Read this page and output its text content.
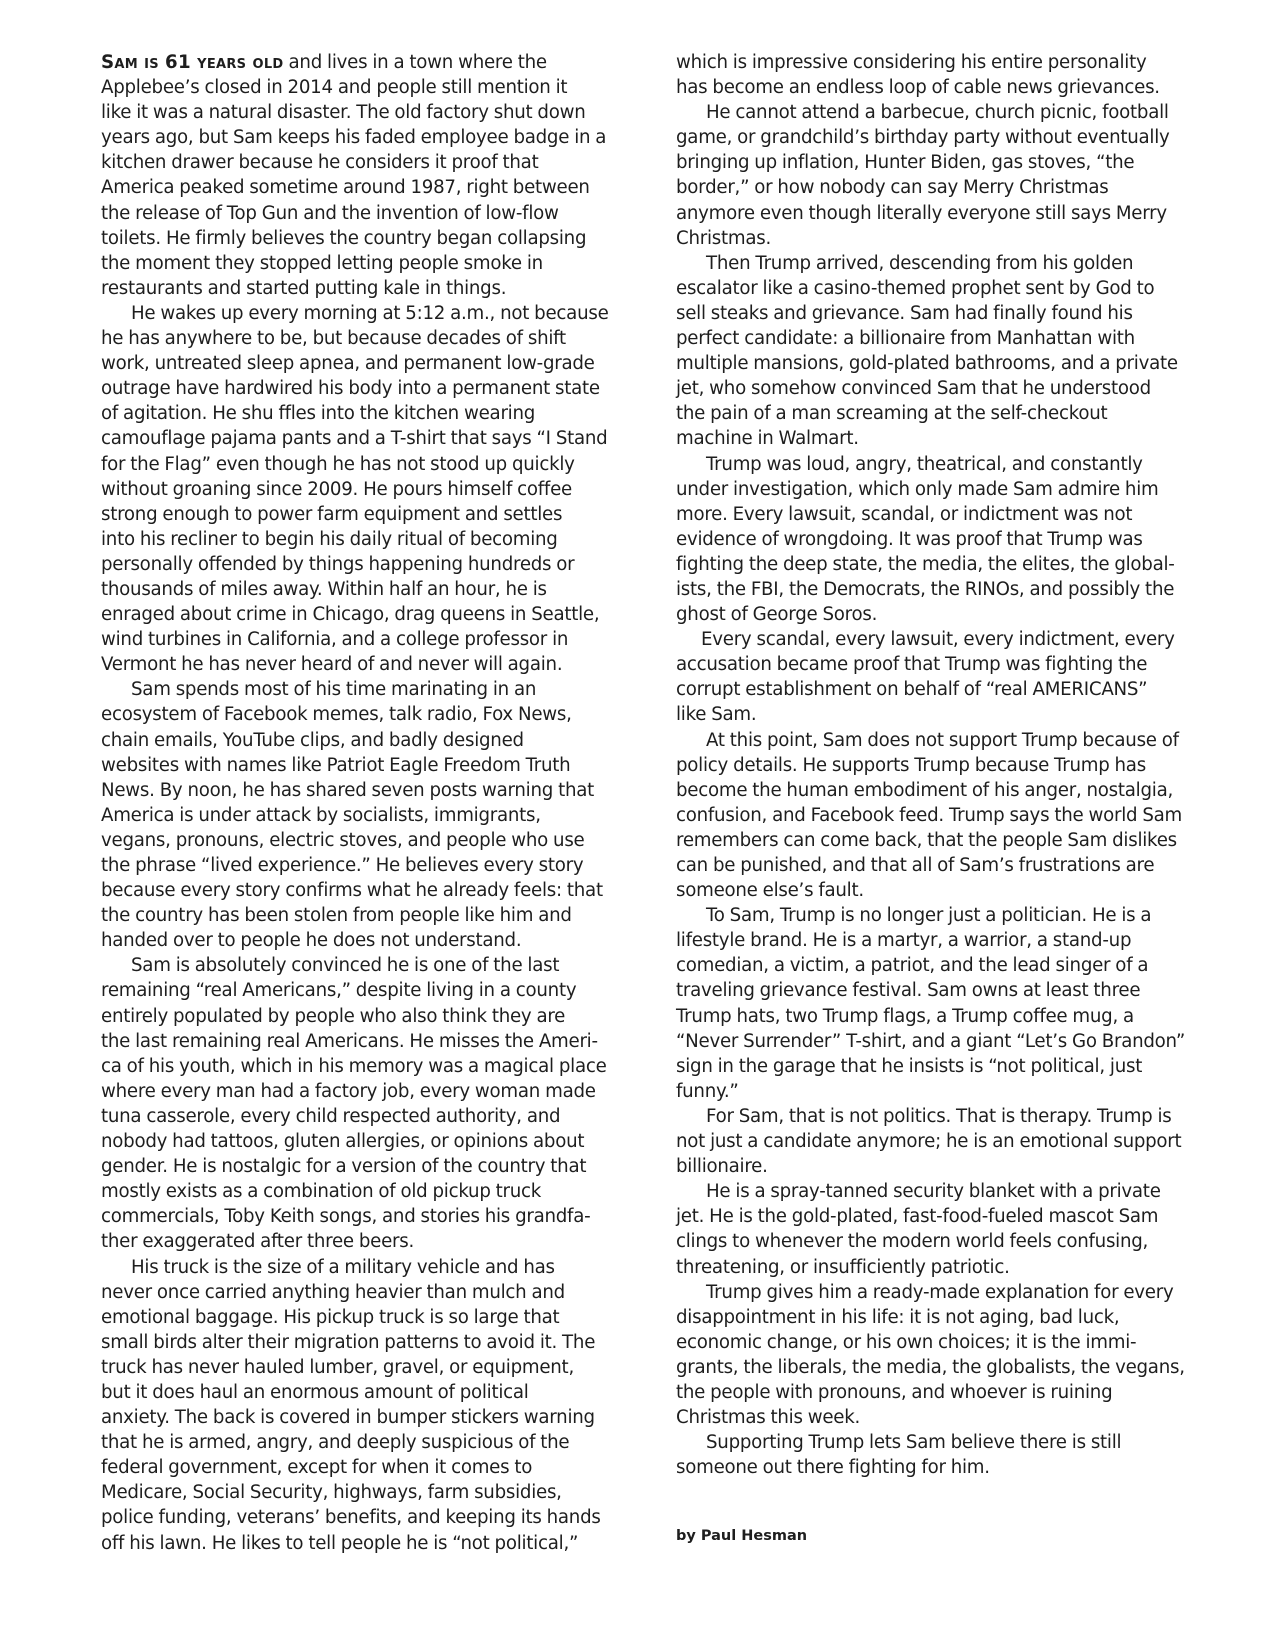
Sam is 61 years old and lives in a town where the
Applebee’s closed in 2014 and people still mention it
like it was a natural disaster. The old factory shut down
years ago, but Sam keeps his faded employee badge in a
kitchen drawer because he considers it proof that
America peaked sometime around 1987, right between
the release of Top Gun and the invention of low-flow
toilets. He firmly believes the country began collapsing
the moment they stopped letting people smoke in
restaurants and started putting kale in things.
He wakes up every morning at 5:12 a.m., not because
he has anywhere to be, but because decades of shift
work, untreated sleep apnea, and permanent low-grade
outrage have hardwired his body into a permanent state
of agitation. He shu ffles into the kitchen wearing
camouflage pajama pants and a T-shirt that says “I Stand
for the Flag” even though he has not stood up quickly
without groaning since 2009. He pours himself coffee
strong enough to power farm equipment and settles
into his recliner to begin his daily ritual of becoming
personally offended by things happening hundreds or
thousands of miles away. Within half an hour, he is
enraged about crime in Chicago, drag queens in Seattle,
wind turbines in California, and a college professor in
Vermont he has never heard of and never will again.
Sam spends most of his time marinating in an
ecosystem of Facebook memes, talk radio, Fox News,
chain emails, YouTube clips, and badly designed
websites with names like Patriot Eagle Freedom Truth
News. By noon, he has shared seven posts warning that
America is under attack by socialists, immigrants,
vegans, pronouns, electric stoves, and people who use
the phrase “lived experience.” He believes every story
because every story confirms what he already feels: that
the country has been stolen from people like him and
handed over to people he does not understand.
Sam is absolutely convinced he is one of the last
remaining “real Americans,” despite living in a county
entirely populated by people who also think they are
the last remaining real Americans. He misses the Ameri-
ca of his youth, which in his memory was a magical place
where every man had a factory job, every woman made
tuna casserole, every child respected authority, and
nobody had tattoos, gluten allergies, or opinions about
gender. He is nostalgic for a version of the country that
mostly exists as a combination of old pickup truck
commercials, Toby Keith songs, and stories his grandfa-
ther exaggerated after three beers.
His truck is the size of a military vehicle and has
never once carried anything heavier than mulch and
emotional baggage. His pickup truck is so large that
small birds alter their migration patterns to avoid it. The
truck has never hauled lumber, gravel, or equipment,
but it does haul an enormous amount of political
anxiety. The back is covered in bumper stickers warning
that he is armed, angry, and deeply suspicious of the
federal government, except for when it comes to
Medicare, Social Security, highways, farm subsidies,
police funding, veterans’ benefits, and keeping its hands
off his lawn. He likes to tell people he is “not political,”
which is impressive considering his entire personality
has become an endless loop of cable news grievances.
He cannot attend a barbecue, church picnic, football
game, or grandchild’s birthday party without eventually
bringing up inflation, Hunter Biden, gas stoves, “the
border,” or how nobody can say Merry Christmas
anymore even though literally everyone still says Merry
Christmas.
Then Trump arrived, descending from his golden
escalator like a casino-themed prophet sent by God to
sell steaks and grievance. Sam had finally found his
perfect candidate: a billionaire from Manhattan with
multiple mansions, gold-plated bathrooms, and a private
jet, who somehow convinced Sam that he understood
the pain of a man screaming at the self-checkout
machine in Walmart.
Trump was loud, angry, theatrical, and constantly
under investigation, which only made Sam admire him
more. Every lawsuit, scandal, or indictment was not
evidence of wrongdoing. It was proof that Trump was
fighting the deep state, the media, the elites, the global-
ists, the FBI, the Democrats, the RINOs, and possibly the
ghost of George Soros.
Every scandal, every lawsuit, every indictment, every
accusation became proof that Trump was fighting the
corrupt establishment on behalf of “real AMERICANS”
like Sam.
At this point, Sam does not support Trump because of
policy details. He supports Trump because Trump has
become the human embodiment of his anger, nostalgia,
confusion, and Facebook feed. Trump says the world Sam
remembers can come back, that the people Sam dislikes
can be punished, and that all of Sam’s frustrations are
someone else’s fault.
To Sam, Trump is no longer just a politician. He is a
lifestyle brand. He is a martyr, a warrior, a stand-up
comedian, a victim, a patriot, and the lead singer of a
traveling grievance festival. Sam owns at least three
Trump hats, two Trump flags, a Trump coffee mug, a
“Never Surrender” T-shirt, and a giant “Let’s Go Brandon”
sign in the garage that he insists is “not political, just
funny.”
For Sam, that is not politics. That is therapy. Trump is
not just a candidate anymore; he is an emotional support
billionaire.
He is a spray-tanned security blanket with a private
jet. He is the gold-plated, fast-food-fueled mascot Sam
clings to whenever the modern world feels confusing,
threatening, or insufficiently patriotic.
Trump gives him a ready-made explanation for every
disappointment in his life: it is not aging, bad luck,
economic change, or his own choices; it is the immi-
grants, the liberals, the media, the globalists, the vegans,
the people with pronouns, and whoever is ruining
Christmas this week.
Supporting Trump lets Sam believe there is still
someone out there fighting for him.
by Paul Hesman
